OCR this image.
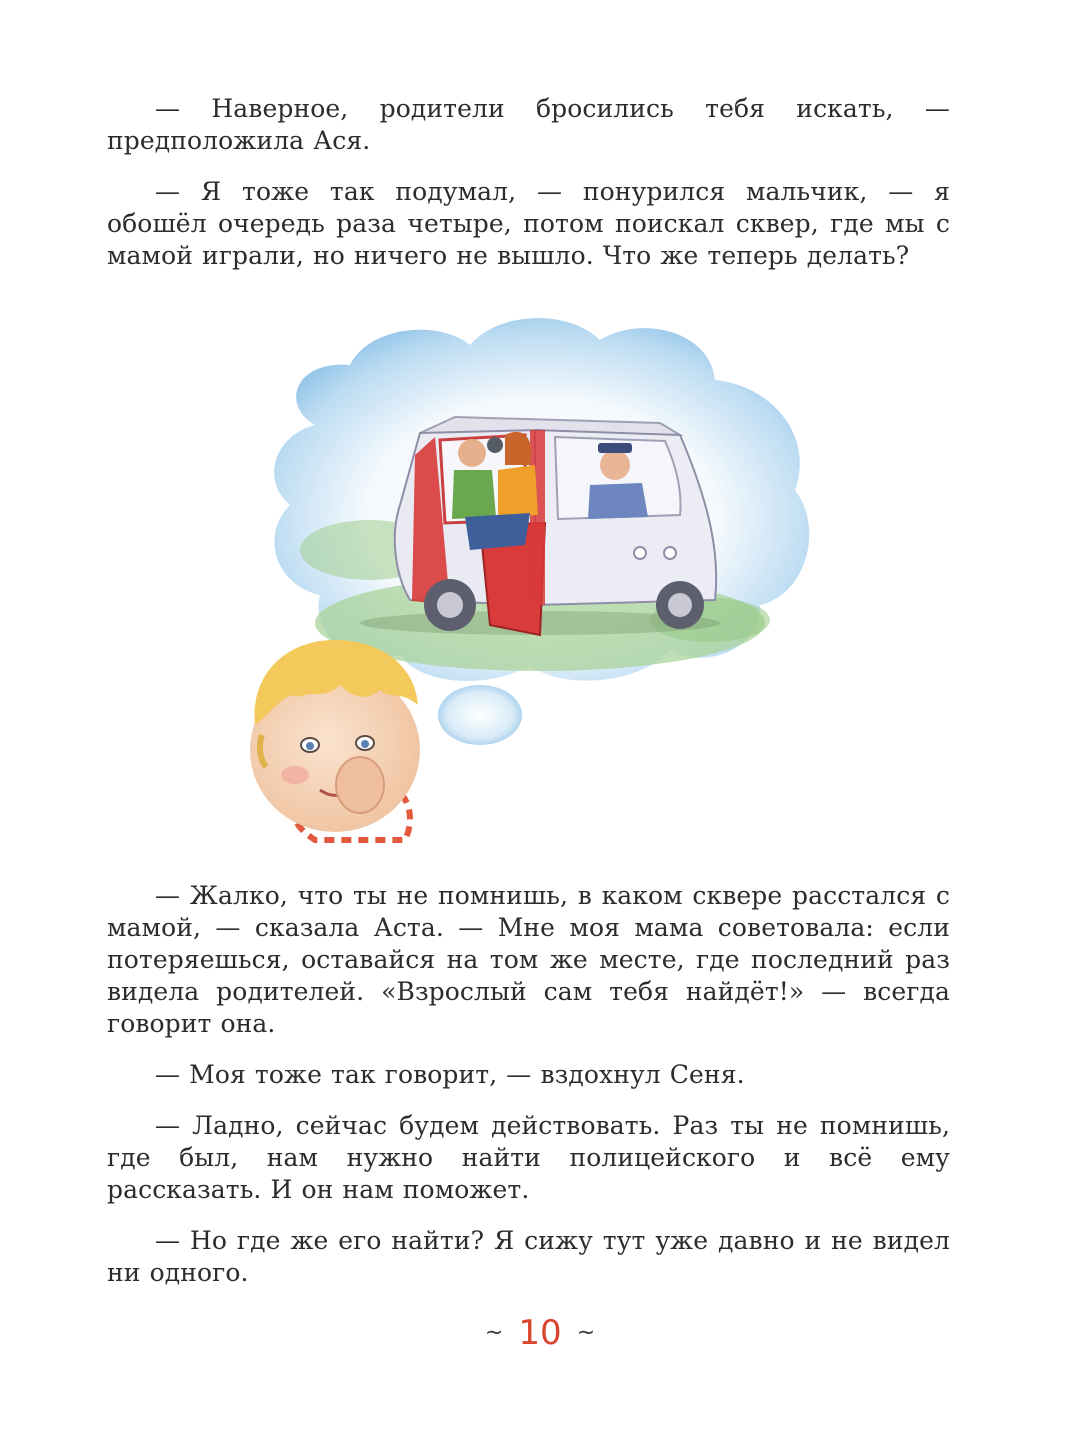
— Наверное, родители бросились тебя искать, — предположила Ася.

— Я тоже так подумал, — понурился мальчик, — я обошёл очередь раза четыре, потом поискал сквер, где мы с мамой играли, но ничего не вышло. Что же теперь делать?

— Жалко, что ты не помнишь, в каком сквере расстался с мамой, — сказала Аста. — Мне моя мама советовала: если потеряешься, оставайся на том же месте, где последний раз видела родителей. «Взрослый сам тебя найдёт!» — всегда говорит она.

— Моя тоже так говорит, — вздохнул Сеня.

— Ладно, сейчас будем действовать. Раз ты не помнишь, где был, нам нужно найти полицейского и всё ему рассказать. И он нам поможет.

— Но где же его найти? Я сижу тут уже давно и не видел ни одного.

~ 10 ~
